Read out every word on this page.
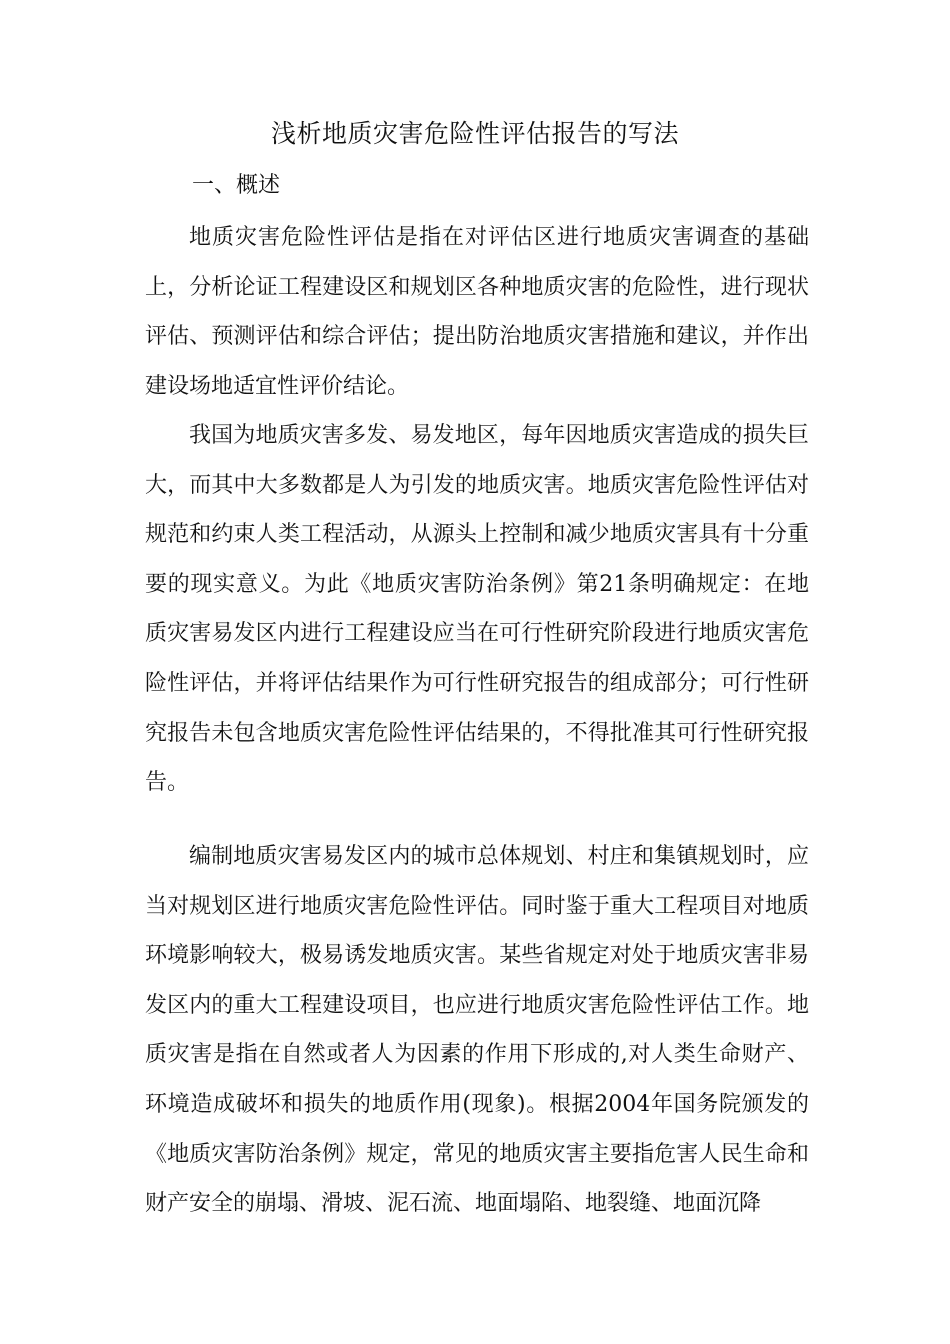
浅析地质灾害危险性评估报告的写法
一、概述

地质灾害危险性评估是指在对评估区进行地质灾害调查的基础上，分析论证工程建设区和规划区各种地质灾害的危险性，进行现状评估、预测评估和综合评估；提出防治地质灾害措施和建议，并作出建设场地适宜性评价结论。

我国为地质灾害多发、易发地区，每年因地质灾害造成的损失巨大，而其中大多数都是人为引发的地质灾害。地质灾害危险性评估对规范和约束人类工程活动，从源头上控制和减少地质灾害具有十分重要的现实意义。为此《地质灾害防治条例》第21条明确规定：在地质灾害易发区内进行工程建设应当在可行性研究阶段进行地质灾害危险性评估，并将评估结果作为可行性研究报告的组成部分；可行性研究报告未包含地质灾害危险性评估结果的，不得批准其可行性研究报告。

编制地质灾害易发区内的城市总体规划、村庄和集镇规划时，应当对规划区进行地质灾害危险性评估。同时鉴于重大工程项目对地质环境影响较大，极易诱发地质灾害。某些省规定对处于地质灾害非易发区内的重大工程建设项目，也应进行地质灾害危险性评估工作。地质灾害是指在自然或者人为因素的作用下形成的,对人类生命财产、环境造成破坏和损失的地质作用(现象)。根据2004年国务院颁发的　《地质灾害防治条例》规定，常见的地质灾害主要指危害人民生命和财产安全的崩塌、滑坡、泥石流、地面塌陷、地裂缝、地面沉降
